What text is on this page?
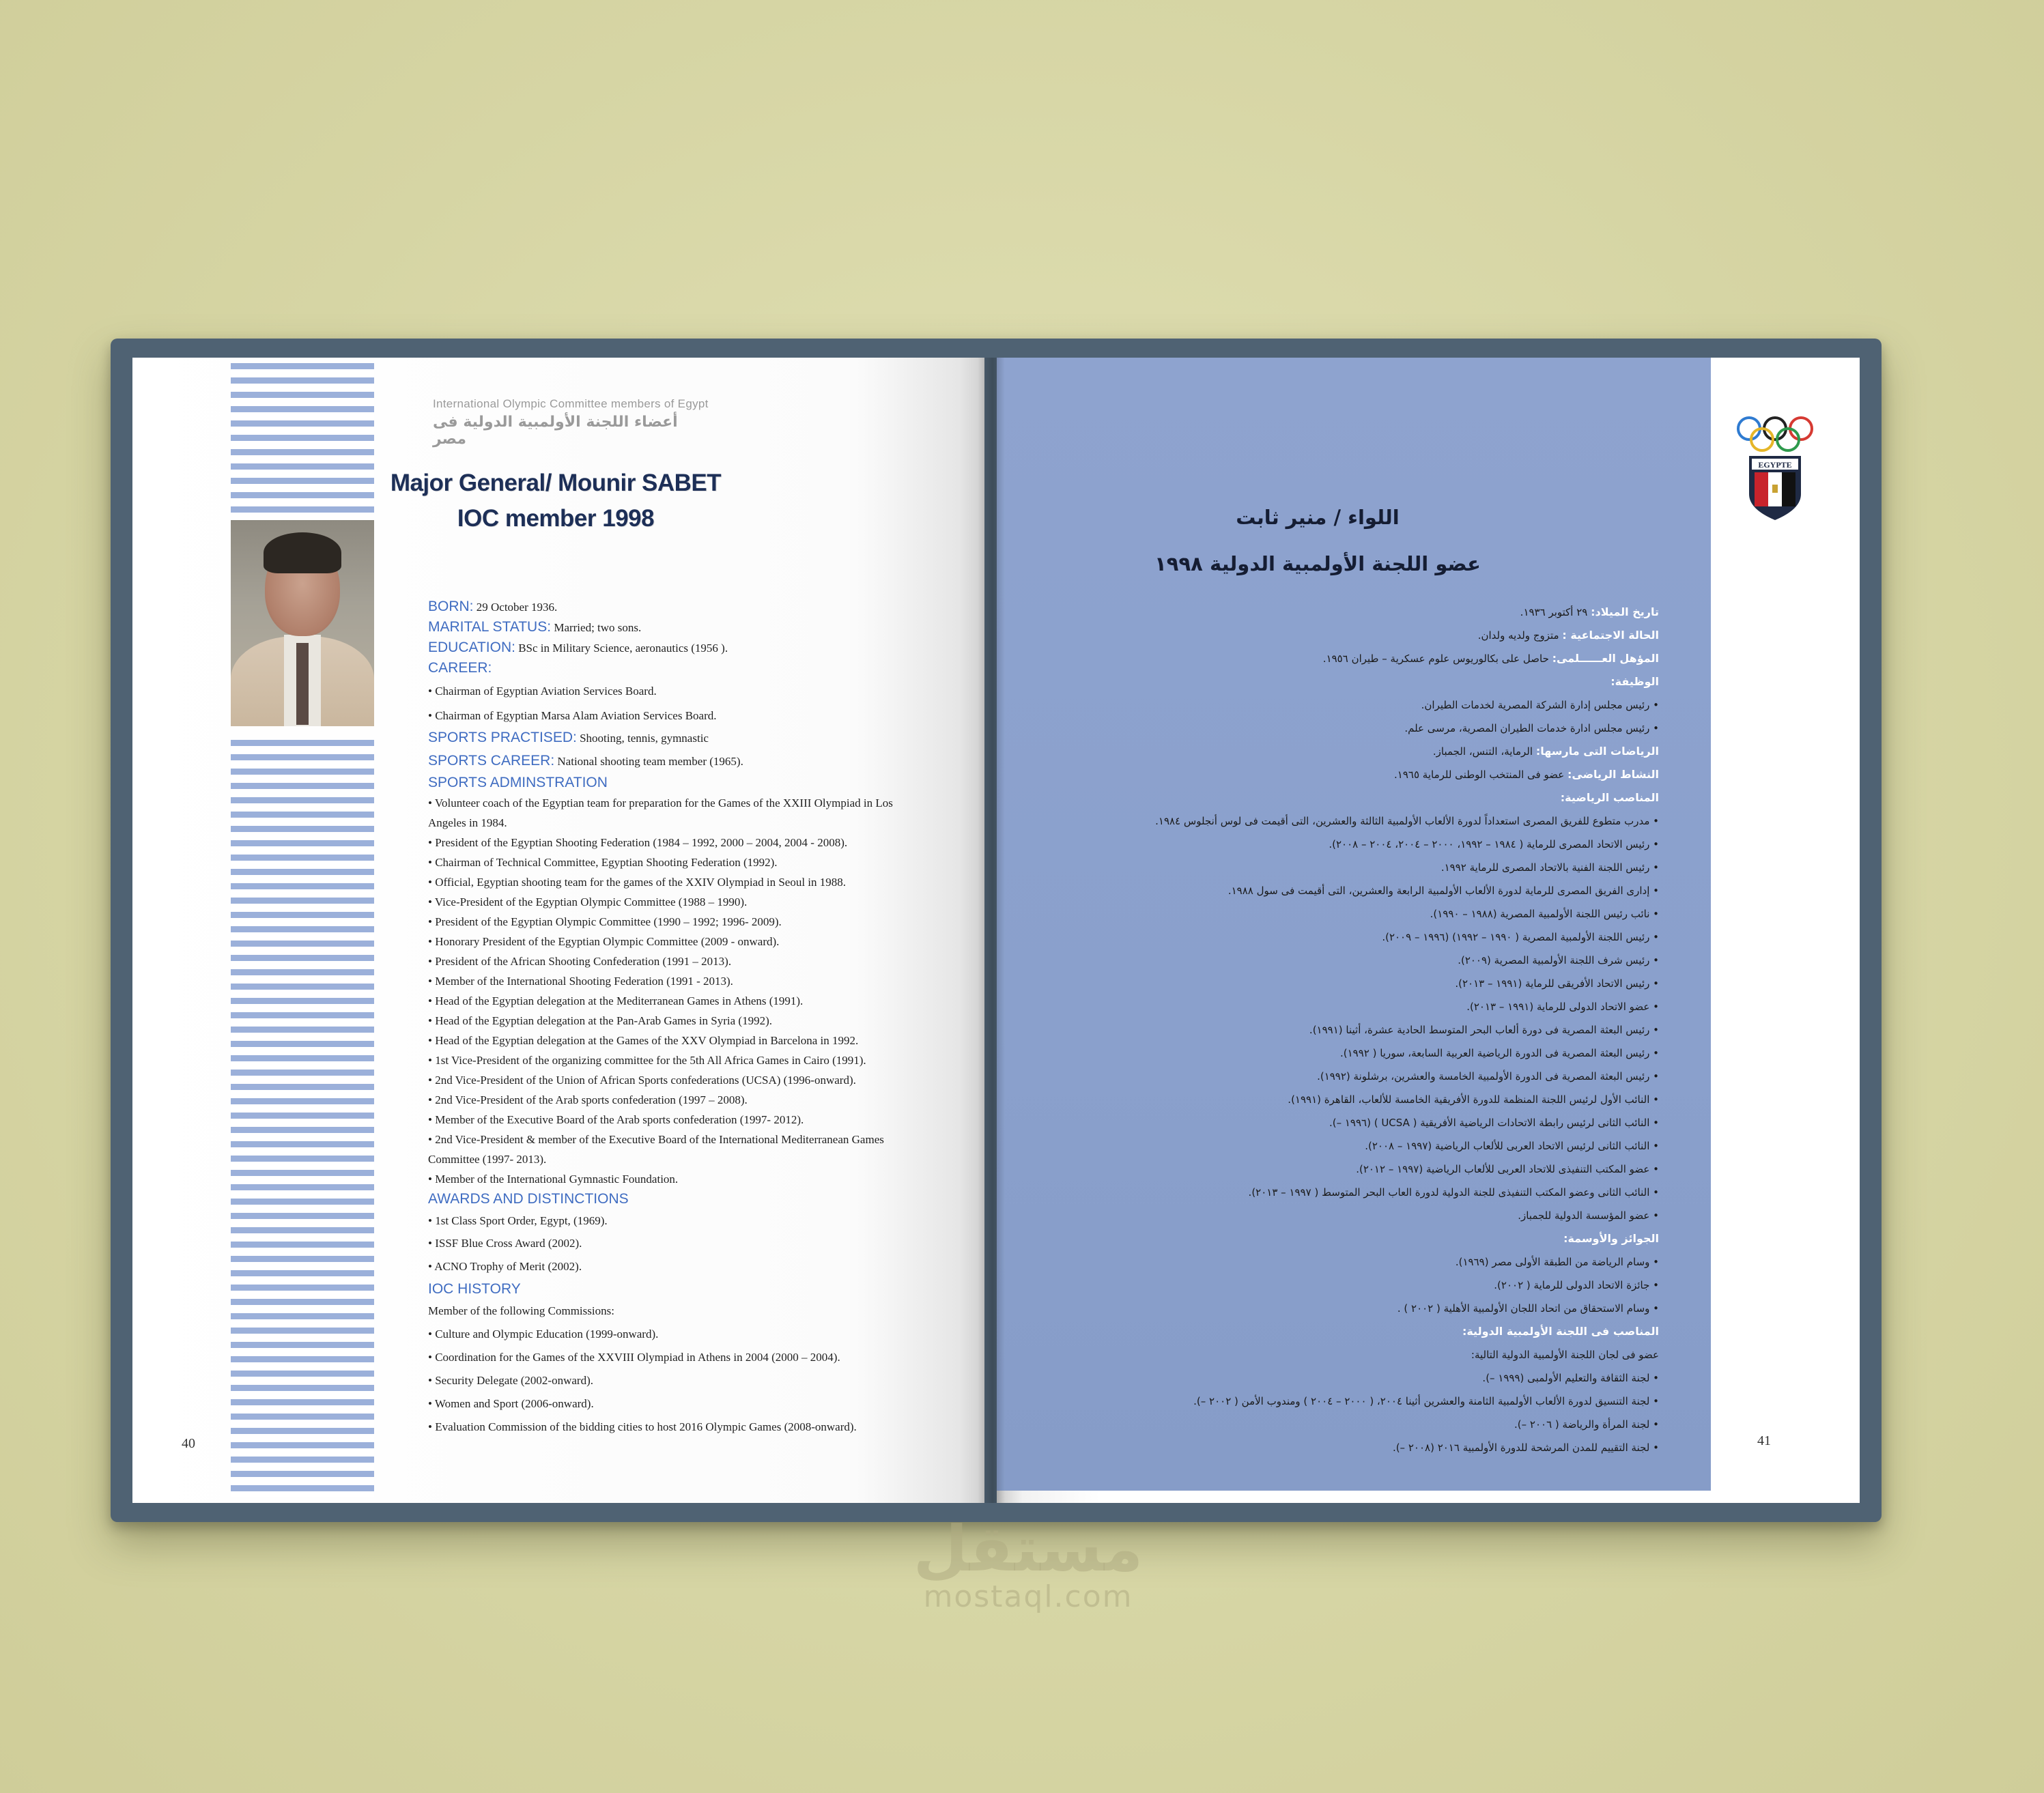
International Olympic Committee members of Egypt
أعضاء اللجنة الأولمبية الدولية فى مصر
Major General/ Mounir SABET
IOC member 1998

BORN: 29 October 1936.

MARITAL STATUS: Married; two sons.

EDUCATION: BSc in Military Science, aeronautics (1956 ).

CAREER:

• Chairman of Egyptian Aviation Services Board.

• Chairman of Egyptian Marsa Alam Aviation Services Board.

SPORTS PRACTISED: Shooting, tennis, gymnastic

SPORTS CAREER: National shooting team member (1965).

SPORTS ADMINSTRATION

• Volunteer coach of the Egyptian team for preparation for the Games of the XXIII Olympiad in Los Angeles in 1984.

• President of the Egyptian Shooting Federation (1984 – 1992, 2000 – 2004, 2004 - 2008).

• Chairman of Technical Committee, Egyptian Shooting Federation (1992).

• Official, Egyptian shooting team for the games of the XXIV Olympiad in Seoul in 1988.

• Vice-President of the Egyptian Olympic Committee (1988 – 1990).

• President of the Egyptian Olympic Committee (1990 – 1992; 1996- 2009).

• Honorary President of the Egyptian Olympic Committee (2009 - onward).

• President of the African Shooting Confederation (1991 – 2013).

• Member of the International Shooting Federation (1991 - 2013).

• Head of the Egyptian delegation at the Mediterranean Games in Athens (1991).

• Head of the Egyptian delegation at the Pan-Arab Games in Syria (1992).

• Head of the Egyptian delegation at the Games of the XXV Olympiad in Barcelona in 1992.

• 1st Vice-President of the organizing committee for the 5th All Africa Games in Cairo (1991).

• 2nd Vice-President of the Union of African Sports confederations (UCSA) (1996-onward).

• 2nd Vice-President of the Arab sports confederation (1997 – 2008).

• Member of the Executive Board of the Arab sports confederation (1997- 2012).

• 2nd Vice-President & member of the Executive Board of the International Mediterranean Games Committee (1997- 2013).

• Member of the International Gymnastic Foundation.

AWARDS AND DISTINCTIONS

• 1st Class Sport Order, Egypt, (1969).

• ISSF Blue Cross Award (2002).

• ACNO Trophy of Merit (2002).

IOC HISTORY

Member of the following Commissions:

• Culture and Olympic Education (1999-onward).

• Coordination for the Games of the XXVIII Olympiad in Athens in 2004 (2000 – 2004).

• Security Delegate (2002-onward).

• Women and Sport (2006-onward).

• Evaluation Commission of the bidding cities to host 2016 Olympic Games (2008-onward).

40
EGYPTE
اللواء / منير ثابت
عضو اللجنة الأولمبية الدولية ١٩٩٨

تاريخ الميلاد: ٢٩ أكتوبر ١٩٣٦.

الحالة الاجتماعية : متزوج ولديه ولدان.

المؤهل العــــــلمى: حاصل على بكالوريوس علوم عسكرية – طيران ١٩٥٦.

الوظيفة:

• رئيس مجلس إدارة الشركة المصرية لخدمات الطيران.

• رئيس مجلس ادارة خدمات الطيران المصرية، مرسى علم.

الرياضات التى مارسها: الرماية، التنس، الجمباز.

النشاط الرياضى: عضو فى المنتخب الوطنى للرماية ١٩٦٥.

المناصب الرياضية:

• مدرب متطوع للفريق المصرى استعداداً لدورة الألعاب الأولمبية الثالثة والعشرين، التى أقيمت فى لوس أنجلوس ١٩٨٤.

• رئيس الاتحاد المصرى للرماية ( ١٩٨٤ – ١٩٩٢، ٢٠٠٠ – ٢٠٠٤، ٢٠٠٤ – ٢٠٠٨).

• رئيس اللجنة الفنية بالاتحاد المصرى للرماية ١٩٩٢.

• إدارى الفريق المصرى للرماية لدورة الألعاب الأولمبية الرابعة والعشرين، التى أقيمت فى سول ١٩٨٨.

• نائب رئيس اللجنة الأولمبية المصرية (١٩٨٨ – ١٩٩٠).

• رئيس اللجنة الأولمبية المصرية ( ١٩٩٠ – ١٩٩٢) (١٩٩٦ – ٢٠٠٩).

• رئيس شرف اللجنة الأولمبية المصرية (٢٠٠٩).

• رئيس الاتحاد الأفريقى للرماية (١٩٩١ – ٢٠١٣).

• عضو الاتحاد الدولى للرماية (١٩٩١ – ٢٠١٣).

• رئيس البعثة المصرية فى دورة ألعاب البحر المتوسط الحادية عشرة، أثينا (١٩٩١).

• رئيس البعثة المصرية فى الدورة الرياضية العربية السابعة، سوريا ( ١٩٩٢).

• رئيس البعثة المصرية فى الدورة الأولمبية الخامسة والعشرين، برشلونة (١٩٩٢).

• النائب الأول لرئيس اللجنة المنظمة للدورة الأفريقية الخامسة للألعاب، القاهرة (١٩٩١).

• النائب الثانى لرئيس رابطة الاتحادات الرياضية الأفريقية ( UCSA ) (١٩٩٦ –).

• النائب الثانى لرئيس الاتحاد العربى للألعاب الرياضية (١٩٩٧ – ٢٠٠٨).

• عضو المكتب التنفيذى للاتحاد العربى للألعاب الرياضية (١٩٩٧ – ٢٠١٢).

• النائب الثانى وعضو المكتب التنفيذى للجنة الدولية لدورة العاب البحر المتوسط ( ١٩٩٧ – ٢٠١٣).

• عضو المؤسسة الدولية للجمباز.

الجوائز والأوسمة:

• وسام الرياضة من الطبقة الأولى مصر (١٩٦٩).

• جائزة الاتحاد الدولى للرماية ( ٢٠٠٢).

• وسام الاستحقاق من اتحاد اللجان الأولمبية الأهلية ( ٢٠٠٢ ) .

المناصب فى اللجنة الأولمبية الدولية:

عضو فى لجان اللجنة الأولمبية الدولية التالية:

• لجنة الثقافة والتعليم الأولمبى (١٩٩٩ –).

• لجنة التنسيق لدورة الألعاب الأولمبية الثامنة والعشرين أثينا ٢٠٠٤، ( ٢٠٠٠ – ٢٠٠٤ ) ومندوب الأمن ( ٢٠٠٢ –).

• لجنة المرأة والرياضة ( ٢٠٠٦ –).

• لجنة التقييم للمدن المرشحة للدورة الأولمبية ٢٠١٦ (٢٠٠٨ –).	41
مستقل
mostaql.com
